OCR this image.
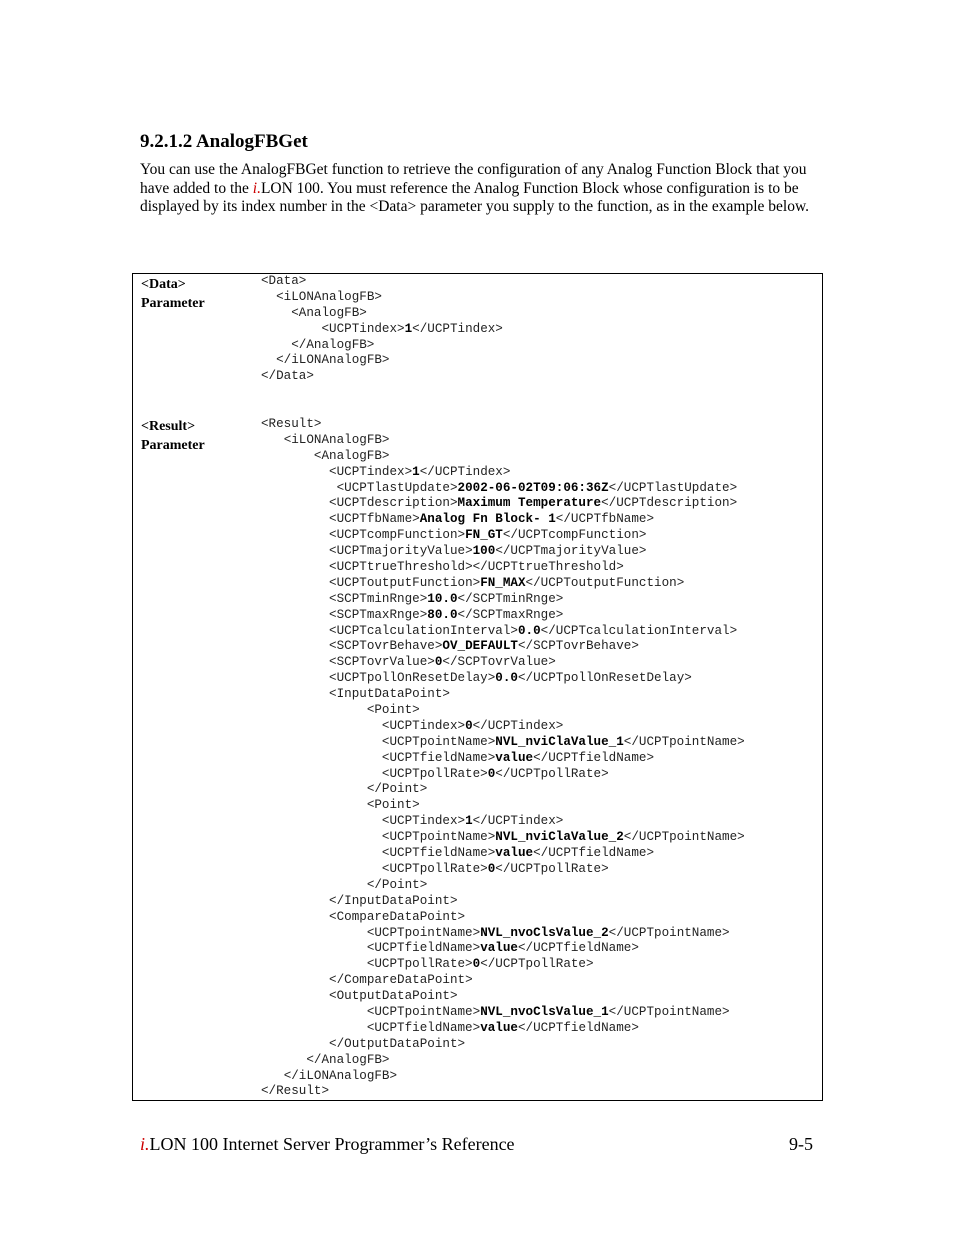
9.2.1.2 AnalogFBGet

You can use the AnalogFBGet function to retrieve the configuration of any Analog Function Block that you have added to the i.LON 100. You must reference the Analog Function Block whose configuration is to be displayed by its index number in the <Data> parameter you supply to the function, as in the example below.

<Data>
Parameter
<Data>
<iLONAnalogFB>
<AnalogFB>
<UCPTindex>1</UCPTindex>
</AnalogFB>
</iLONAnalogFB>
</Data>
<Result>
Parameter
<Result>
<iLONAnalogFB>
<AnalogFB>
<UCPTindex>1</UCPTindex>
<UCPTlastUpdate>2002-06-02T09:06:36Z</UCPTlastUpdate>
<UCPTdescription>Maximum Temperature</UCPTdescription>
<UCPTfbName>Analog Fn Block- 1</UCPTfbName>
<UCPTcompFunction>FN_GT</UCPTcompFunction>
<UCPTmajorityValue>100</UCPTmajorityValue>
<UCPTtrueThreshold></UCPTtrueThreshold>
<UCPToutputFunction>FN_MAX</UCPToutputFunction>
<SCPTminRnge>10.0</SCPTminRnge>
<SCPTmaxRnge>80.0</SCPTmaxRnge>
<UCPTcalculationInterval>0.0</UCPTcalculationInterval>
<SCPTovrBehave>OV_DEFAULT</SCPTovrBehave>
<SCPTovrValue>0</SCPTovrValue>
<UCPTpollOnResetDelay>0.0</UCPTpollOnResetDelay>
<InputDataPoint>
<Point>
<UCPTindex>0</UCPTindex>
<UCPTpointName>NVL_nviClaValue_1</UCPTpointName>
<UCPTfieldName>value</UCPTfieldName>
<UCPTpollRate>0</UCPTpollRate>
</Point>
<Point>
<UCPTindex>1</UCPTindex>
<UCPTpointName>NVL_nviClaValue_2</UCPTpointName>
<UCPTfieldName>value</UCPTfieldName>
<UCPTpollRate>0</UCPTpollRate>
</Point>
</InputDataPoint>
<CompareDataPoint>
<UCPTpointName>NVL_nvoClsValue_2</UCPTpointName>
<UCPTfieldName>value</UCPTfieldName>
<UCPTpollRate>0</UCPTpollRate>
</CompareDataPoint>
<OutputDataPoint>
<UCPTpointName>NVL_nvoClsValue_1</UCPTpointName>
<UCPTfieldName>value</UCPTfieldName>
</OutputDataPoint>
</AnalogFB>
</iLONAnalogFB>
</Result>
i.LON 100 Internet Server Programmer’s Reference	9-5
